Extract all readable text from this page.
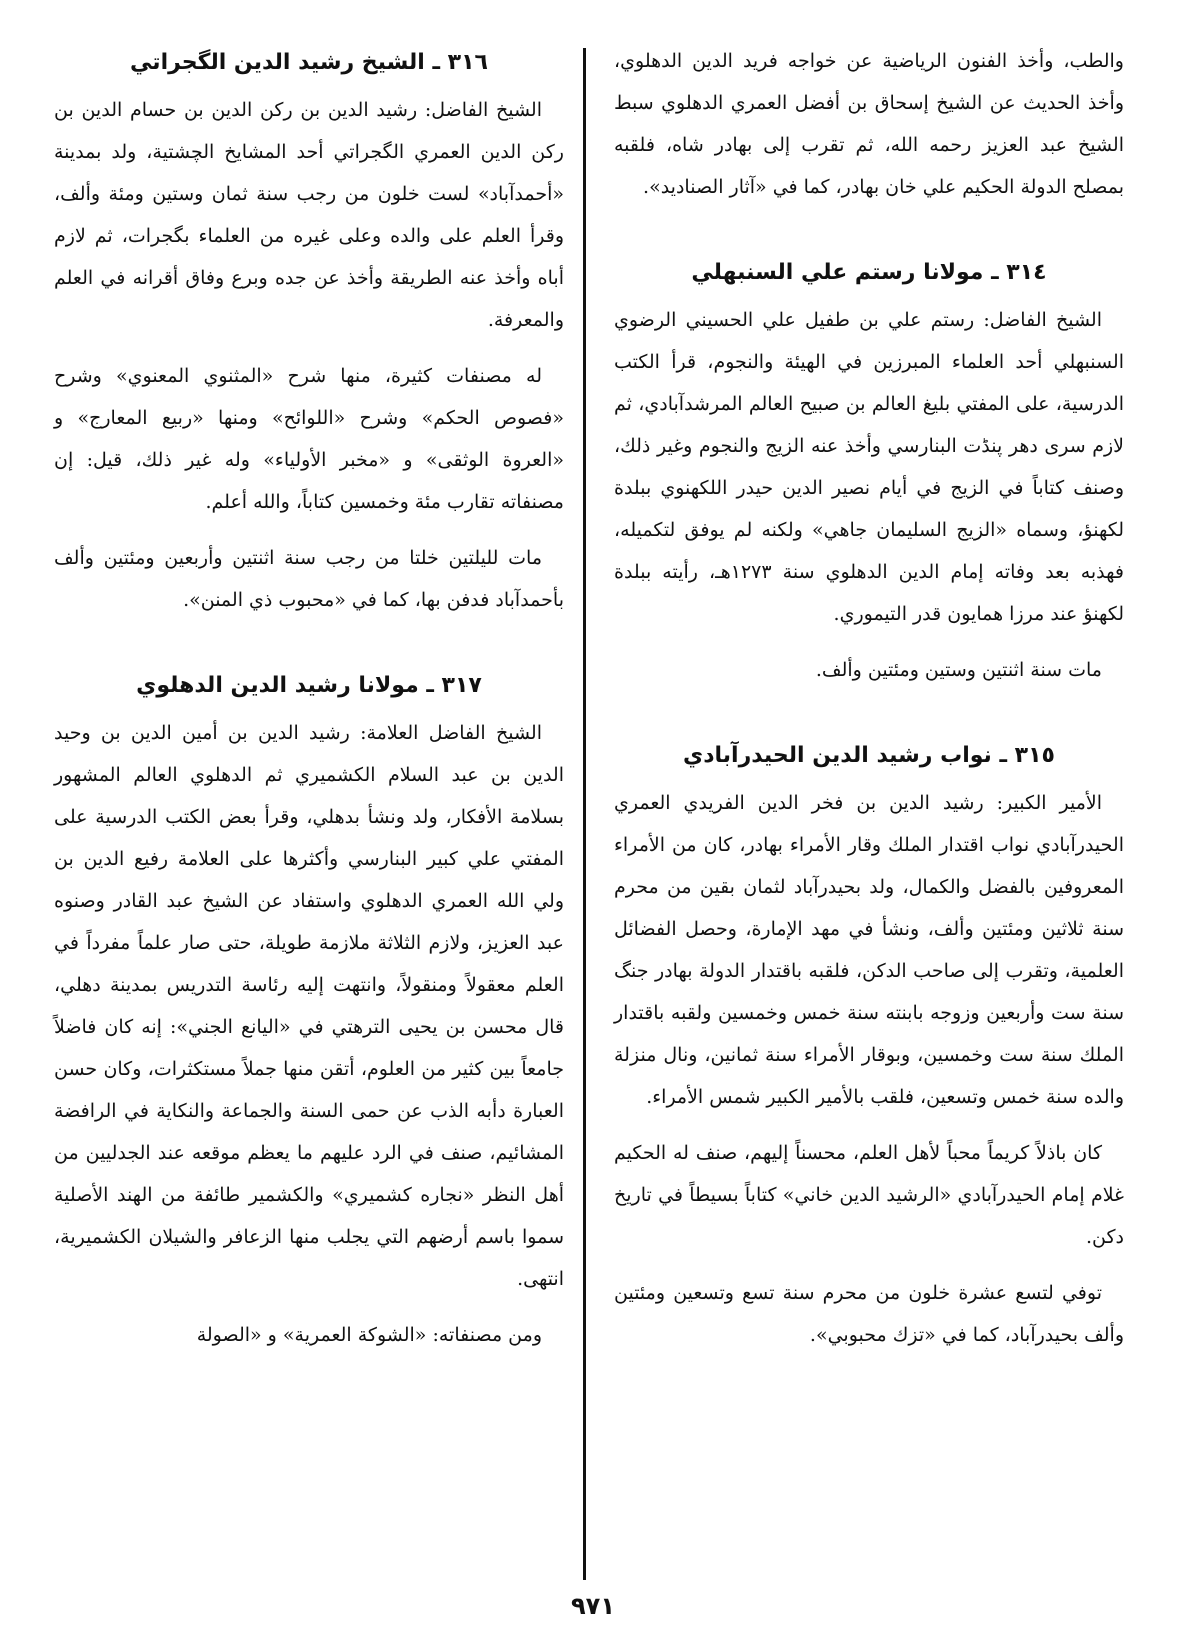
والطب، وأخذ الفنون الرياضية عن خواجه فريد الدين الدهلوي، وأخذ الحديث عن الشيخ إسحاق بن أفضل العمري الدهلوي سبط الشيخ عبد العزيز رحمه الله، ثم تقرب إلى بهادر شاه، فلقبه بمصلح الدولة الحكيم علي خان بهادر، كما في «آثار الصناديد».

٣١٤ ـ مولانا رستم علي السنبهلي

الشيخ الفاضل: رستم علي بن طفيل علي الحسيني الرضوي السنبهلي أحد العلماء المبرزين في الهيئة والنجوم، قرأ الكتب الدرسية، على المفتي بليغ العالم بن صبيح العالم المرشدآبادي، ثم لازم سرى دهر پنڈت البنارسي وأخذ عنه الزيج والنجوم وغير ذلك، وصنف كتاباً في الزيج في أيام نصير الدين حيدر اللكهنوي ببلدة لكهنؤ، وسماه «الزيج السليمان جاهي» ولكنه لم يوفق لتكميله، فهذبه بعد وفاته إمام الدين الدهلوي سنة ١٢٧٣هـ، رأيته ببلدة لكهنؤ عند مرزا همايون قدر التيموري.

مات سنة اثنتين وستين ومئتين وألف.

٣١٥ ـ نواب رشيد الدين الحيدرآبادي

الأمير الكبير: رشيد الدين بن فخر الدين الفريدي العمري الحيدرآبادي نواب اقتدار الملك وقار الأمراء بهادر، كان من الأمراء المعروفين بالفضل والكمال، ولد بحيدرآباد لثمان بقين من محرم سنة ثلاثين ومئتين وألف، ونشأ في مهد الإمارة، وحصل الفضائل العلمية، وتقرب إلى صاحب الدكن، فلقبه باقتدار الدولة بهادر جنگ سنة ست وأربعين وزوجه بابنته سنة خمس وخمسين ولقبه باقتدار الملك سنة ست وخمسين، وبوقار الأمراء سنة ثمانين، ونال منزلة والده سنة خمس وتسعين، فلقب بالأمير الكبير شمس الأمراء.

كان باذلاً كريماً محباً لأهل العلم، محسناً إليهم، صنف له الحكيم غلام إمام الحيدرآبادي «الرشيد الدين خاني» كتاباً بسيطاً في تاريخ دكن.

توفي لتسع عشرة خلون من محرم سنة تسع وتسعين ومئتين وألف بحيدرآباد، كما في «تزك محبوبي».

٣١٦ ـ الشيخ رشيد الدين الگجراتي

الشيخ الفاضل: رشيد الدين بن ركن الدين بن حسام الدين بن ركن الدين العمري الگجراتي أحد المشايخ الچشتية، ولد بمدينة «أحمدآباد» لست خلون من رجب سنة ثمان وستين ومئة وألف، وقرأ العلم على والده وعلى غيره من العلماء بگجرات، ثم لازم أباه وأخذ عنه الطريقة وأخذ عن جده وبرع وفاق أقرانه في العلم والمعرفة.

له مصنفات كثيرة، منها شرح «المثنوي المعنوي» وشرح «فصوص الحكم» وشرح «اللوائح» ومنها «ربيع المعارج» و «العروة الوثقى» و «مخبر الأولياء» وله غير ذلك، قيل: إن مصنفاته تقارب مئة وخمسين كتاباً، والله أعلم.

مات لليلتين خلتا من رجب سنة اثنتين وأربعين ومئتين وألف بأحمدآباد فدفن بها، كما في «محبوب ذي المنن».

٣١٧ ـ مولانا رشيد الدين الدهلوي

الشيخ الفاضل العلامة: رشيد الدين بن أمين الدين بن وحيد الدين بن عبد السلام الكشميري ثم الدهلوي العالم المشهور بسلامة الأفكار، ولد ونشأ بدهلي، وقرأ بعض الكتب الدرسية على المفتي علي كبير البنارسي وأكثرها على العلامة رفيع الدين بن ولي الله العمري الدهلوي واستفاد عن الشيخ عبد القادر وصنوه عبد العزيز، ولازم الثلاثة ملازمة طويلة، حتى صار علماً مفرداً في العلم معقولاً ومنقولاً، وانتهت إليه رئاسة التدريس بمدينة دهلي، قال محسن بن يحيى الترهتي في «اليانع الجني»: إنه كان فاضلاً جامعاً بين كثير من العلوم، أتقن منها جملاً مستكثرات، وكان حسن العبارة دأبه الذب عن حمى السنة والجماعة والنكاية في الرافضة المشائيم، صنف في الرد عليهم ما يعظم موقعه عند الجدليين من أهل النظر «نجاره كشميري» والكشمير طائفة من الهند الأصلية سموا باسم أرضهم التي يجلب منها الزعافر والشيلان الكشميرية، انتهى.

ومن مصنفاته: «الشوكة العمرية» و «الصولة

٩٧١
